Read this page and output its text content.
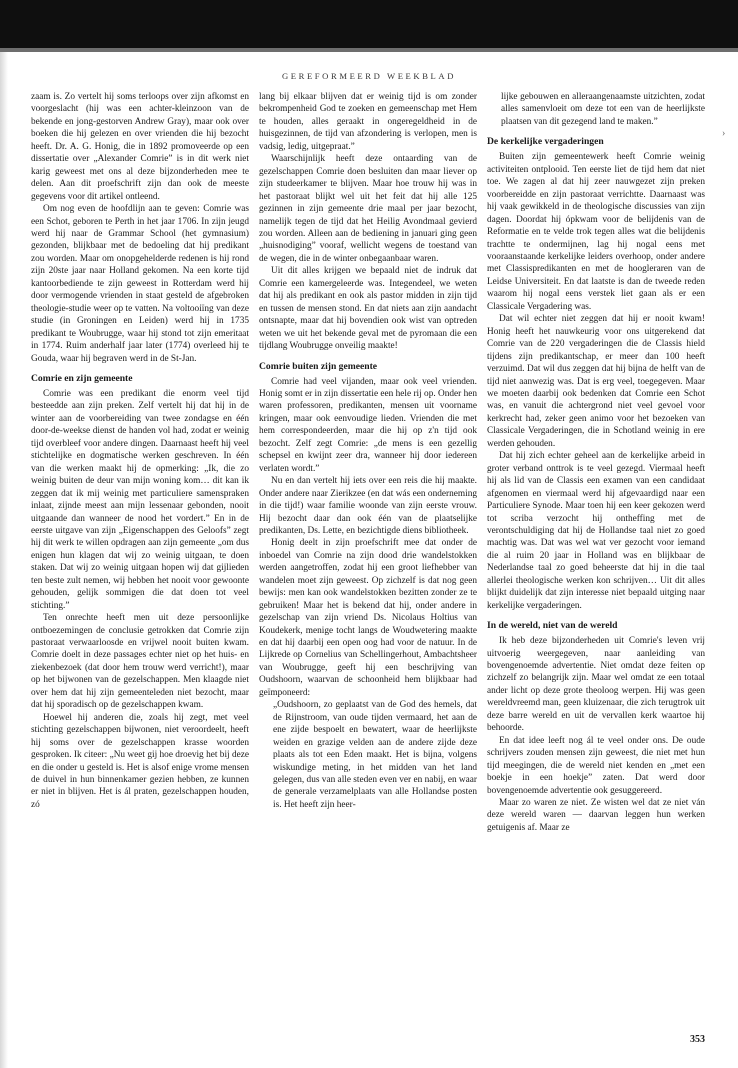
GEREFORMEERD WEEKBLAD

zaam is. Zo vertelt hij soms terloops over zijn afkomst en voorgeslacht (hij was een achter-kleinzoon van de bekende en jong-gestorven Andrew Gray), maar ook over boeken die hij gelezen en over vrienden die hij bezocht heeft. Dr. A. G. Honig, die in 1892 promoveerde op een dissertatie over „Alexander Comrie” is in dit werk niet karig geweest met ons al deze bijzonderheden mee te delen. Aan dit proefschrift zijn dan ook de meeste gegevens voor dit artikel ontleend.

Om nog even de hoofdlijn aan te geven: Comrie was een Schot, geboren te Perth in het jaar 1706. In zijn jeugd werd hij naar de Grammar School (het gymnasium) gezonden, blijkbaar met de bedoeling dat hij predikant zou worden. Maar om onopgehelderde redenen is hij rond zijn 20ste jaar naar Holland gekomen. Na een korte tijd kantoorbediende te zijn geweest in Rotterdam werd hij door vermogende vrienden in staat gesteld de afgebroken theologie-studie weer op te vatten. Na voltooiïng van deze studie (in Groningen en Leiden) werd hij in 1735 predikant te Woubrugge, waar hij stond tot zijn emeritaat in 1774. Ruim anderhalf jaar later (1774) overleed hij te Gouda, waar hij begraven werd in de St-Jan.

Comrie en zijn gemeente

Comrie was een predikant die enorm veel tijd besteedde aan zijn preken. Zelf vertelt hij dat hij in de winter aan de voorbereiding van twee zondagse en één door-de-weekse dienst de handen vol had, zodat er weinig tijd overbleef voor andere dingen. Daarnaast heeft hij veel stichtelijke en dogmatische werken geschreven. In één van die werken maakt hij de opmerking: „Ik, die zo weinig buiten de deur van mijn woning kom… dit kan ik zeggen dat ik mij weinig met particuliere samenspraken inlaat, zijnde meest aan mijn lessenaar gebonden, nooit uitgaande dan wanneer de nood het vordert.” En in de eerste uitgave van zijn „Eigenschappen des Geloofs” zegt hij dit werk te willen opdragen aan zijn gemeente „om dus enigen hun klagen dat wij zo weinig uitgaan, te doen staken. Dat wij zo weinig uitgaan hopen wij dat gijlieden ten beste zult nemen, wij hebben het nooit voor gewoonte gehouden, gelijk sommigen die dat doen tot veel stichting.”

Ten onrechte heeft men uit deze persoonlijke ontboezemingen de conclusie getrokken dat Comrie zijn pastoraat verwaarloosde en vrijwel nooit buiten kwam. Comrie doelt in deze passages echter niet op het huis- en ziekenbezoek (dat door hem trouw werd verricht!), maar op het bijwonen van de gezelschappen. Men klaagde niet over hem dat hij zijn gemeenteleden niet bezocht, maar dat hij sporadisch op de gezelschappen kwam.

Hoewel hij anderen die, zoals hij zegt, met veel stichting gezelschappen bijwonen, niet veroordeelt, heeft hij soms over de gezelschappen krasse woorden gesproken. Ik citeer: „Nu weet gij hoe droevig het bij deze en die onder u gesteld is. Het is alsof enige vrome mensen de duivel in hun binnenkamer gezien hebben, ze kunnen er niet in blijven. Het is ál praten, gezelschappen houden, zó

lang bij elkaar blijven dat er weinig tijd is om zonder bekrompenheid God te zoeken en gemeenschap met Hem te houden, alles geraakt in ongeregeldheid in de huisgezinnen, de tijd van afzondering is verlopen, men is vadsig, ledig, uitgepraat.”

Waarschijnlijk heeft deze ontaarding van de gezelschappen Comrie doen besluiten dan maar liever op zijn studeerkamer te blijven. Maar hoe trouw hij was in het pastoraat blijkt wel uit het feit dat hij alle 125 gezinnen in zijn gemeente drie maal per jaar bezocht, namelijk tegen de tijd dat het Heilig Avondmaal gevierd zou worden. Alleen aan de bediening in januari ging geen „huisnodiging” vooraf, wellicht wegens de toestand van de wegen, die in de winter onbegaanbaar waren.

Uit dit alles krijgen we bepaald niet de indruk dat Comrie een kamergeleerde was. Integendeel, we weten dat hij als predikant en ook als pastor midden in zijn tijd en tussen de mensen stond. En dat niets aan zijn aandacht ontsnapte, maar dat hij bovendien ook wist van optreden weten we uit het bekende geval met de pyromaan die een tijdlang Woubrugge onveilig maakte!

Comrie buiten zijn gemeente

Comrie had veel vijanden, maar ook veel vrienden. Honig somt er in zijn dissertatie een hele rij op. Onder hen waren professoren, predikanten, mensen uit voorname kringen, maar ook eenvoudige lieden. Vrienden die met hem correspondeerden, maar die hij op z'n tijd ook bezocht. Zelf zegt Comrie: „de mens is een gezellig schepsel en kwijnt zeer dra, wanneer hij door iedereen verlaten wordt.”

Nu en dan vertelt hij iets over een reis die hij maakte. Onder andere naar Zierikzee (en dat wás een onderneming in die tijd!) waar familie woonde van zijn eerste vrouw. Hij bezocht daar dan ook één van de plaatselijke predikanten, Ds. Lette, en bezichtigde diens bibliotheek.

Honig deelt in zijn proefschrift mee dat onder de inboedel van Comrie na zijn dood drie wandelstokken werden aangetroffen, zodat hij een groot liefhebber van wandelen moet zijn geweest. Op zichzelf is dat nog geen bewijs: men kan ook wandelstokken bezitten zonder ze te gebruiken! Maar het is bekend dat hij, onder andere in gezelschap van zijn vriend Ds. Nicolaus Holtius van Koudekerk, menige tocht langs de Woudwetering maakte en dat hij daarbij een open oog had voor de natuur. In de Lijkrede op Cornelius van Schellingerhout, Ambachtsheer van Woubrugge, geeft hij een beschrijving van Oudshoorn, waarvan de schoonheid hem blijkbaar had geïmponeerd:

„Oudshoorn, zo geplaatst van de God des hemels, dat de Rijnstroom, van oude tijden vermaard, het aan de ene zijde bespoelt en bewatert, waar de heerlijkste weiden en grazige velden aan de andere zijde deze plaats als tot een Eden maakt. Het is bijna, volgens wiskundige meting, in het midden van het land gelegen, dus van alle steden even ver en nabij, en waar de generale verzamelplaats van alle Hollandse posten is. Het heeft zijn heer-

lijke gebouwen en alleraangenaamste uitzichten, zodat alles samenvloeit om deze tot een van de heerlijkste plaatsen van dit gezegend land te maken.”

De kerkelijke vergaderingen

Buiten zijn gemeentewerk heeft Comrie weinig activiteiten ontplooid. Ten eerste liet de tijd hem dat niet toe. We zagen al dat hij zeer nauwgezet zijn preken voorbereidde en zijn pastoraat verrichtte. Daarnaast was hij vaak gewikkeld in de theologische discussies van zijn dagen. Doordat hij ópkwam voor de belijdenis van de Reformatie en te velde trok tegen alles wat die belijdenis trachtte te ondermijnen, lag hij nogal eens met vooraanstaande kerkelijke leiders overhoop, onder andere met Classispredikanten en met de hoogleraren van de Leidse Universiteit. En dat laatste is dan de tweede reden waarom hij nogal eens verstek liet gaan als er een Classicale Vergadering was.

Dat wil echter niet zeggen dat hij er nooit kwam! Honig heeft het nauwkeurig voor ons uitgerekend dat Comrie van de 220 vergaderingen die de Classis hield tijdens zijn predikantschap, er meer dan 100 heeft verzuimd. Dat wil dus zeggen dat hij bijna de helft van de tijd niet aanwezig was. Dat is erg veel, toegegeven. Maar we moeten daarbij ook bedenken dat Comrie een Schot was, en vanuit die achtergrond niet veel gevoel voor kerkrecht had, zeker geen animo voor het bezoeken van Classicale Vergaderingen, die in Schotland weinig in ere werden gehouden.

Dat hij zich echter geheel aan de kerkelijke arbeid in groter verband onttrok is te veel gezegd. Viermaal heeft hij als lid van de Classis een examen van een candidaat afgenomen en viermaal werd hij afgevaardigd naar een Particuliere Synode. Maar toen hij een keer gekozen werd tot scriba verzocht hij ontheffing met de verontschuldiging dat hij de Hollandse taal niet zo goed machtig was. Dat was wel wat ver gezocht voor iemand die al ruim 20 jaar in Holland was en blijkbaar de Nederlandse taal zo goed beheerste dat hij in die taal allerlei theologische werken kon schrijven… Uit dit alles blijkt duidelijk dat zijn interesse niet bepaald uitging naar kerkelijke vergaderingen.

In de wereld, niet van de wereld

Ik heb deze bijzonderheden uit Comrie's leven vrij uitvoerig weergegeven, naar aanleiding van bovengenoemde advertentie. Niet omdat deze feiten op zichzelf zo belangrijk zijn. Maar wel omdat ze een totaal ander licht op deze grote theoloog werpen. Hij was geen wereldvreemd man, geen kluizenaar, die zich terugtrok uit deze barre wereld en uit de vervallen kerk waartoe hij behoorde.

En dat idee leeft nog ál te veel onder ons. De oude schrijvers zouden mensen zijn geweest, die niet met hun tijd meegingen, die de wereld niet kenden en „met een boekje in een hoekje” zaten. Dat werd door bovengenoemde advertentie ook gesuggereerd.

Maar zo waren ze niet. Ze wisten wel dat ze niet ván deze wereld waren — daarvan leggen hun werken getuigenis af. Maar ze

›
353
